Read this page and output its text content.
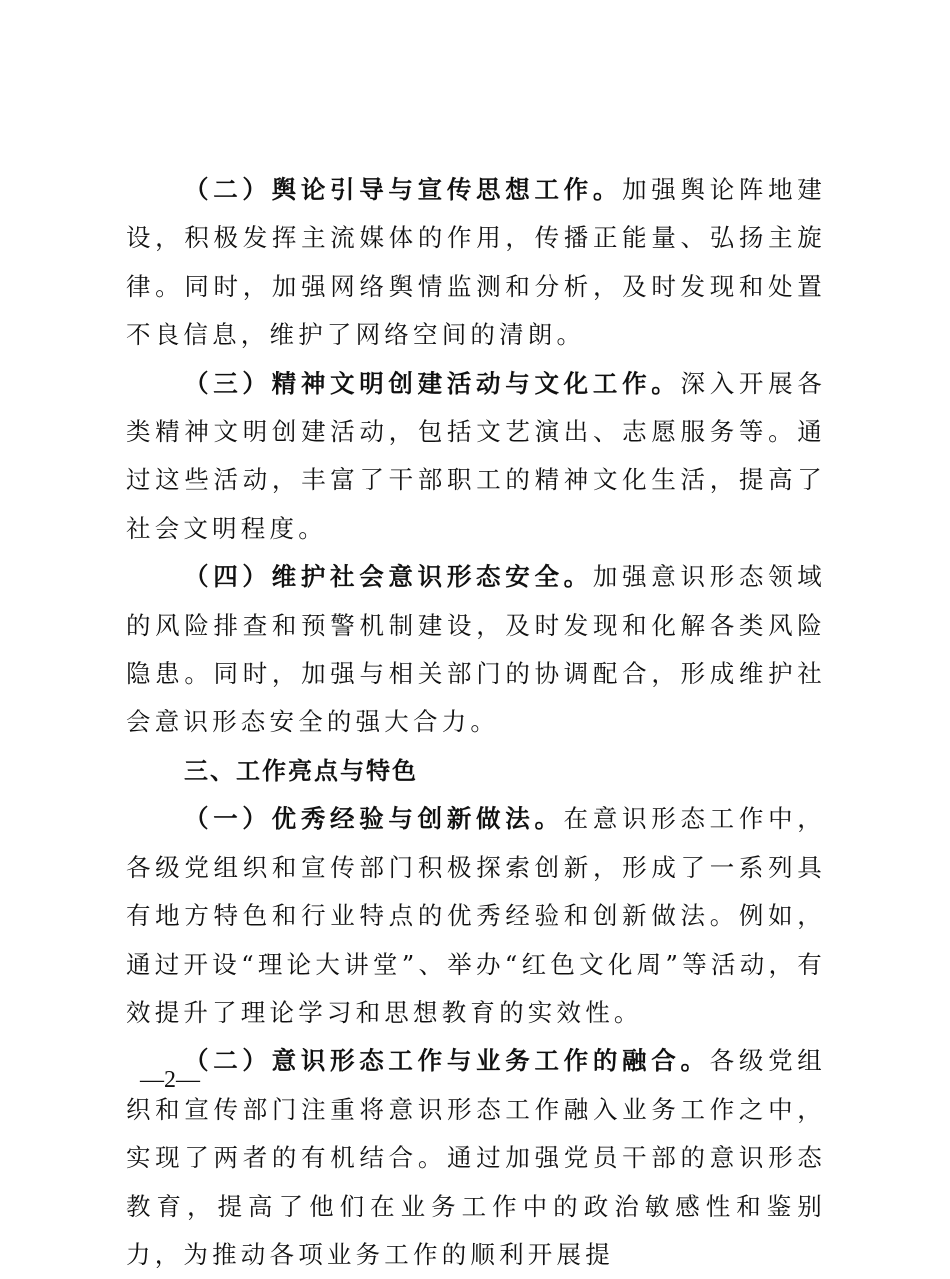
（二）舆论引导与宣传思想工作。加强舆论阵地建设，积极发挥主流媒体的作用，传播正能量、弘扬主旋律。同时，加强网络舆情监测和分析，及时发现和处置不良信息，维护了网络空间的清朗。

（三）精神文明创建活动与文化工作。深入开展各类精神文明创建活动，包括文艺演出、志愿服务等。通过这些活动，丰富了干部职工的精神文化生活，提高了社会文明程度。

（四）维护社会意识形态安全。加强意识形态领域的风险排查和预警机制建设，及时发现和化解各类风险隐患。同时，加强与相关部门的协调配合，形成维护社会意识形态安全的强大合力。

三、工作亮点与特色

（一）优秀经验与创新做法。在意识形态工作中，各级党组织和宣传部门积极探索创新，形成了一系列具有地方特色和行业特点的优秀经验和创新做法。例如，通过开设“理论大讲堂”、举办“红色文化周”等活动，有效提升了理论学习和思想教育的实效性。

（二）意识形态工作与业务工作的融合。各级党组织和宣传部门注重将意识形态工作融入业务工作之中，实现了两者的有机结合。通过加强党员干部的意识形态教育，提高了他们在业务工作中的政治敏感性和鉴别力，为推动各项业务工作的顺利开展提

—2—
